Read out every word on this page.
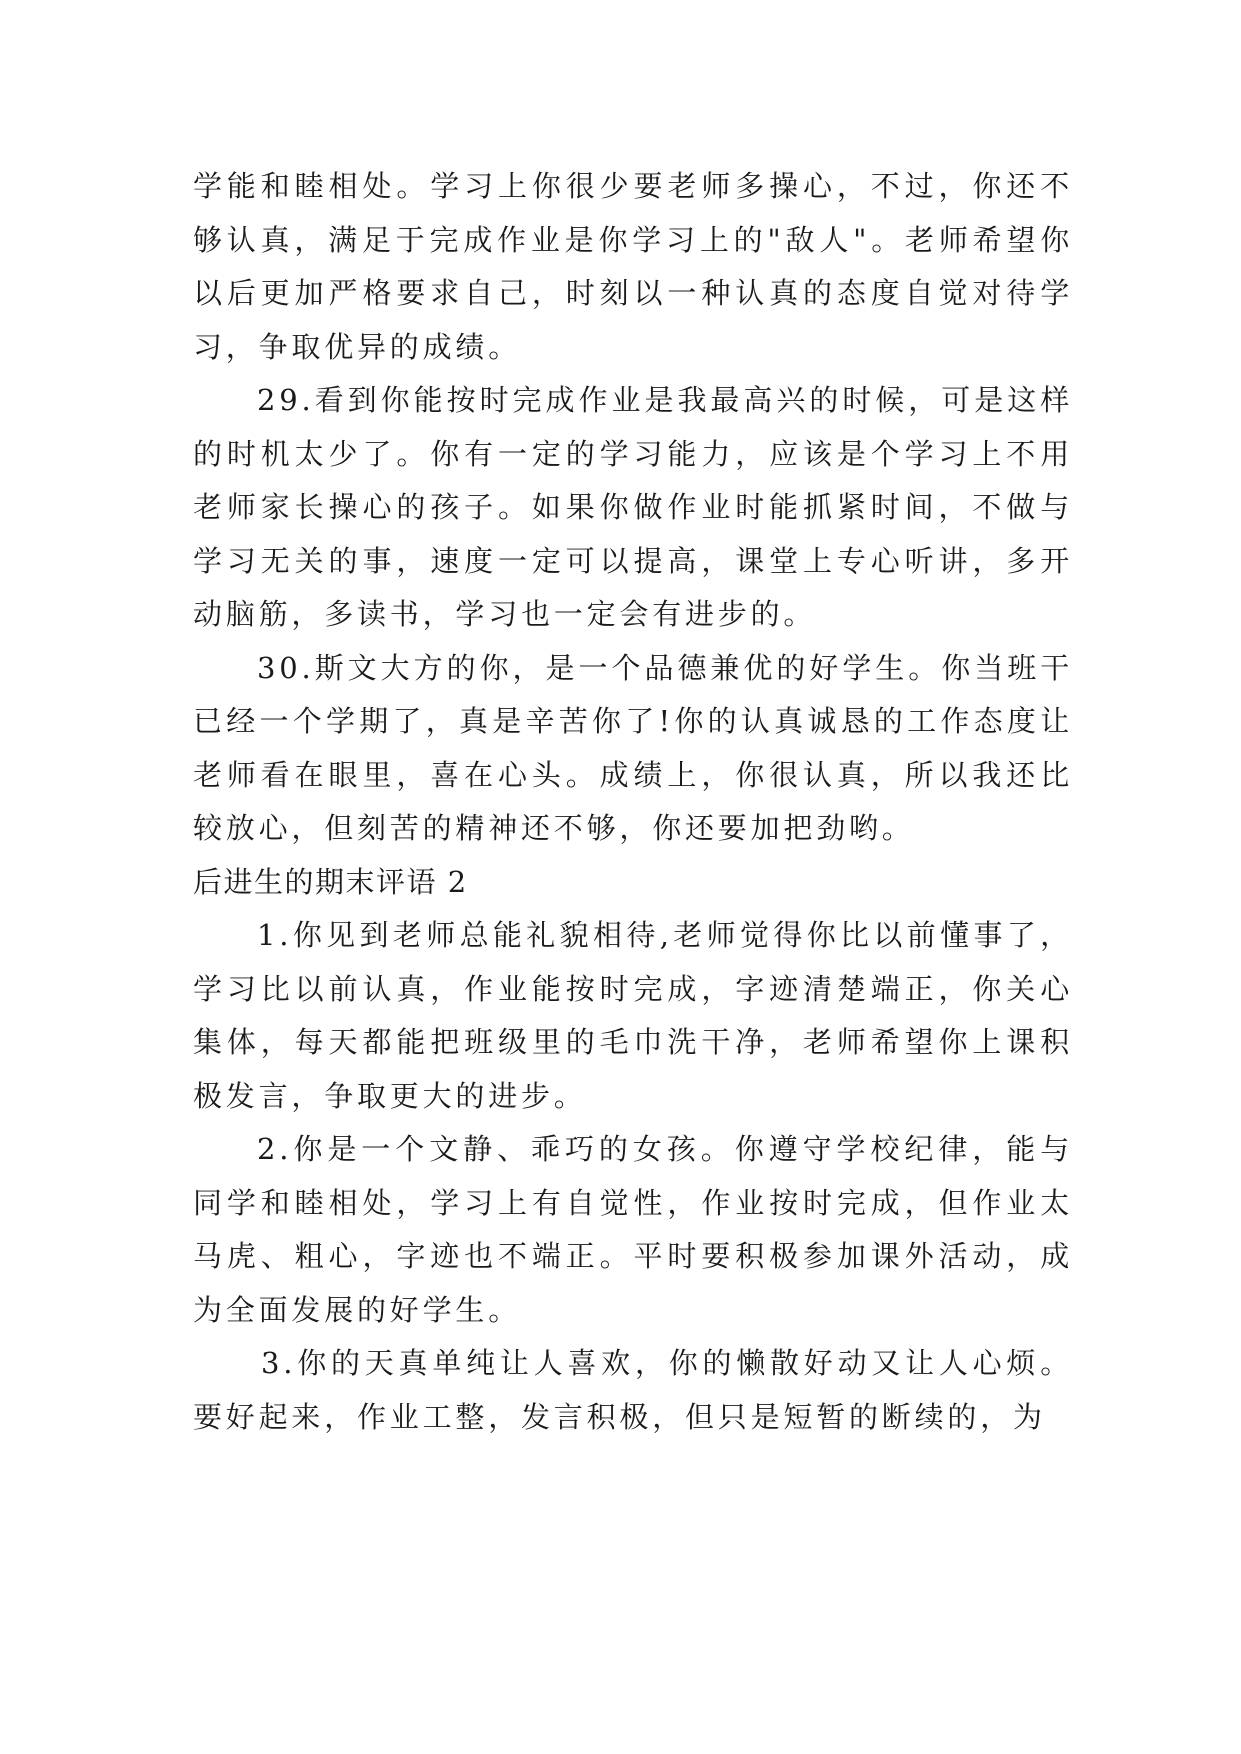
学能和睦相处。学习上你很少要老师多操心，不过，你还不够认真，满足于完成作业是你学习上的"敌人"。老师希望你以后更加严格要求自己，时刻以一种认真的态度自觉对待学习，争取优异的成绩。

29.看到你能按时完成作业是我最高兴的时候，可是这样的时机太少了。你有一定的学习能力，应该是个学习上不用老师家长操心的孩子。如果你做作业时能抓紧时间，不做与学习无关的事，速度一定可以提高，课堂上专心听讲，多开动脑筋，多读书，学习也一定会有进步的。

30.斯文大方的你，是一个品德兼优的好学生。你当班干已经一个学期了，真是辛苦你了!你的认真诚恳的工作态度让老师看在眼里，喜在心头。成绩上，你很认真，所以我还比较放心，但刻苦的精神还不够，你还要加把劲哟。

后进生的期末评语 2

1.你见到老师总能礼貌相待,老师觉得你比以前懂事了，学习比以前认真，作业能按时完成，字迹清楚端正，你关心集体，每天都能把班级里的毛巾洗干净，老师希望你上课积极发言，争取更大的进步。

2.你是一个文静、乖巧的女孩。你遵守学校纪律，能与同学和睦相处，学习上有自觉性，作业按时完成，但作业太马虎、粗心，字迹也不端正。平时要积极参加课外活动，成为全面发展的好学生。

3.你的天真单纯让人喜欢，你的懒散好动又让人心烦。要好起来，作业工整，发言积极，但只是短暂的断续的，为
